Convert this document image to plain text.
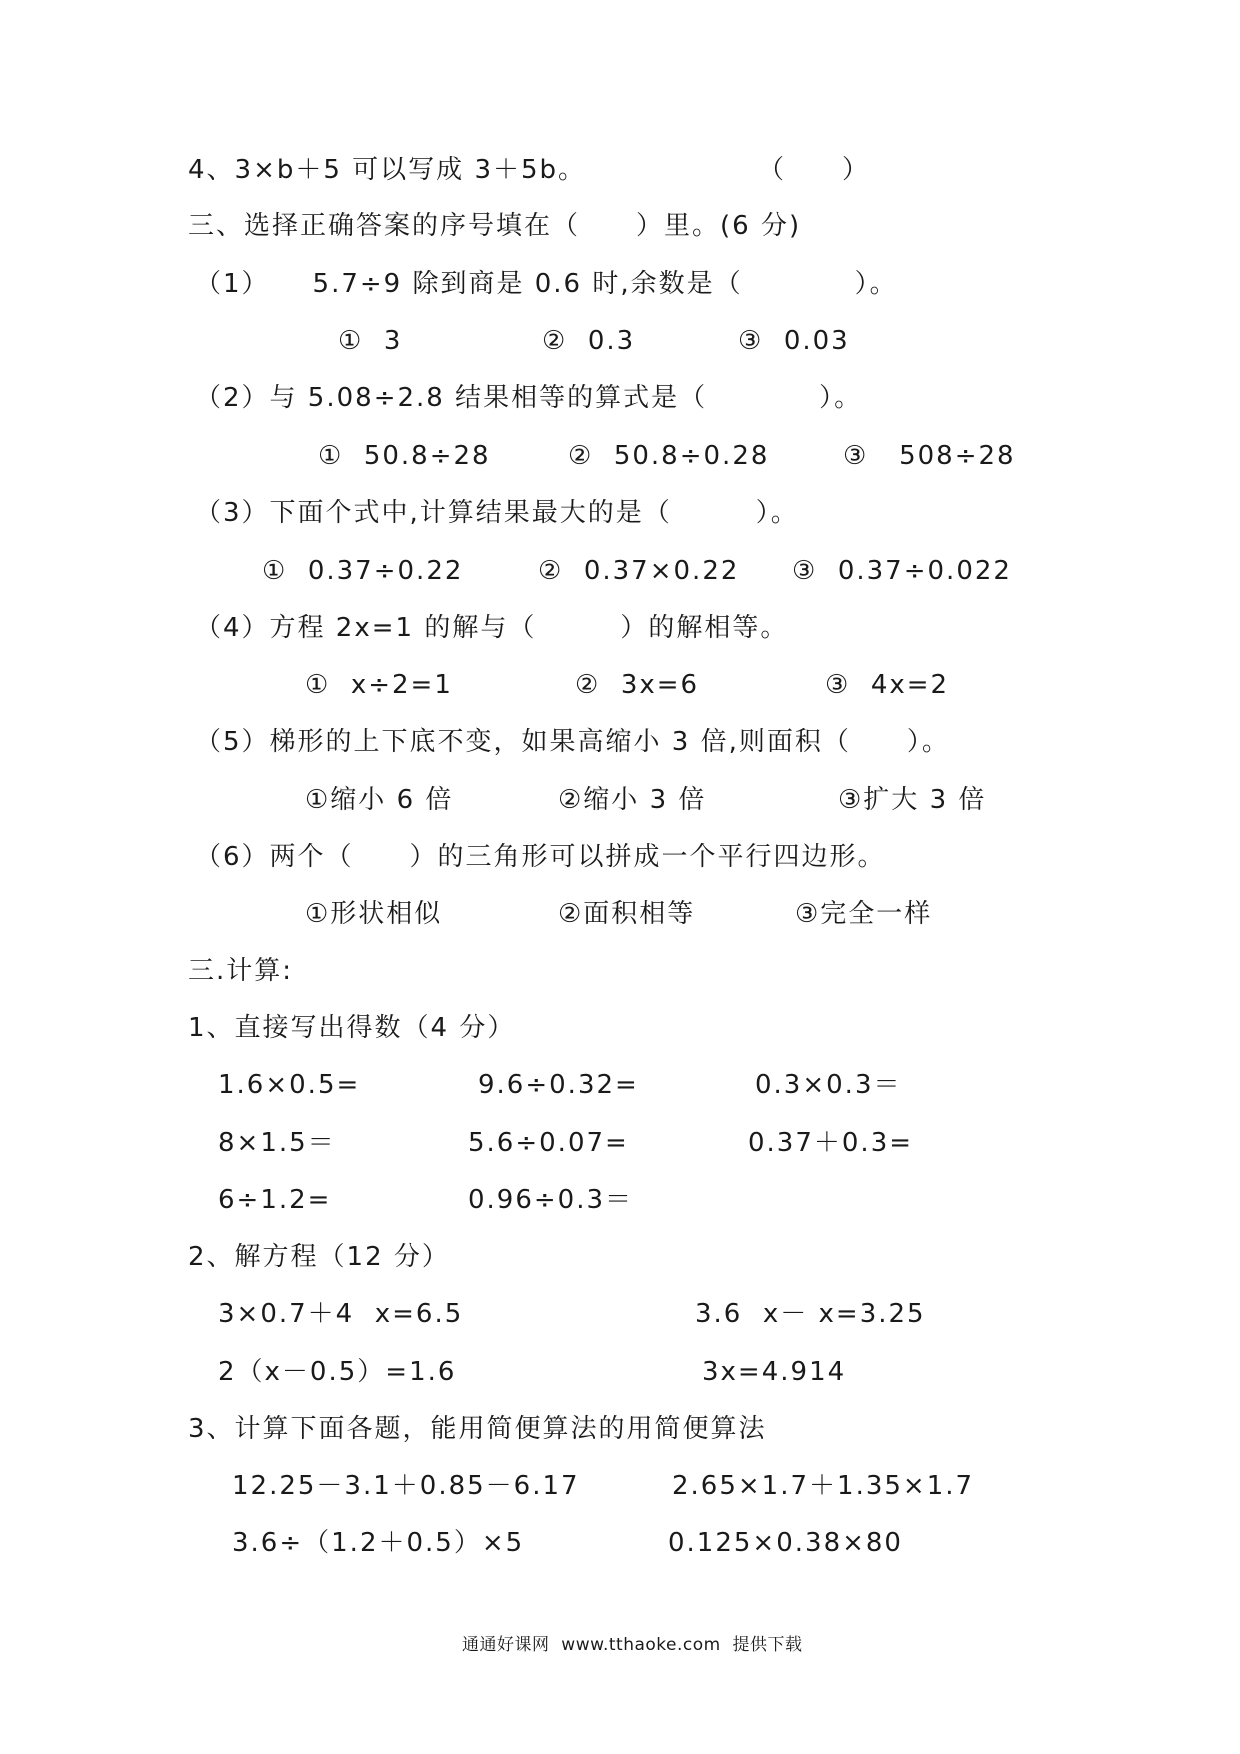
4、3×b＋5 可以写成 3＋5b。	（　　）
三、选择正确答案的序号填在（　　）里。(6 分)
（1）　　5.7÷9 除到商是 0.6 时,余数是（　　　　）。
①  3	②  0.3	③  0.03
（2）与 5.08÷2.8 结果相等的算式是（　　　　）。
①  50.8÷28	②  50.8÷0.28	③   508÷28
（3）下面个式中,计算结果最大的是（　　　）。
①  0.37÷0.22	②  0.37×0.22 ③  0.37÷0.022
（4）方程 2x=1 的解与（　　　）的解相等。
①  x÷2=1	②  3x=6	③  4x=2
（5）梯形的上下底不变，如果高缩小 3 倍,则面积（　　）。
①缩小 6 倍	②缩小 3 倍	③扩大 3 倍
（6）两个（　　）的三角形可以拼成一个平行四边形。
①形状相似	②面积相等	③完全一样
三.计算:
1、直接写出得数（4 分）
1.6×0.5=	9.6÷0.32=	0.3×0.3＝
8×1.5＝	5.6÷0.07=	0.37＋0.3=
6÷1.2=	0.96÷0.3＝
2、解方程（12 分）
3×0.7＋4  x=6.5	3.6  x－ x=3.25
2（x－0.5）=1.6	3x=4.914
3、计算下面各题，能用简便算法的用简便算法
12.25－3.1＋0.85－6.17	2.65×1.7＋1.35×1.7
3.6÷（1.2＋0.5）×5	0.125×0.38×80
通通好课网  www.tthaoke.com  提供下载
